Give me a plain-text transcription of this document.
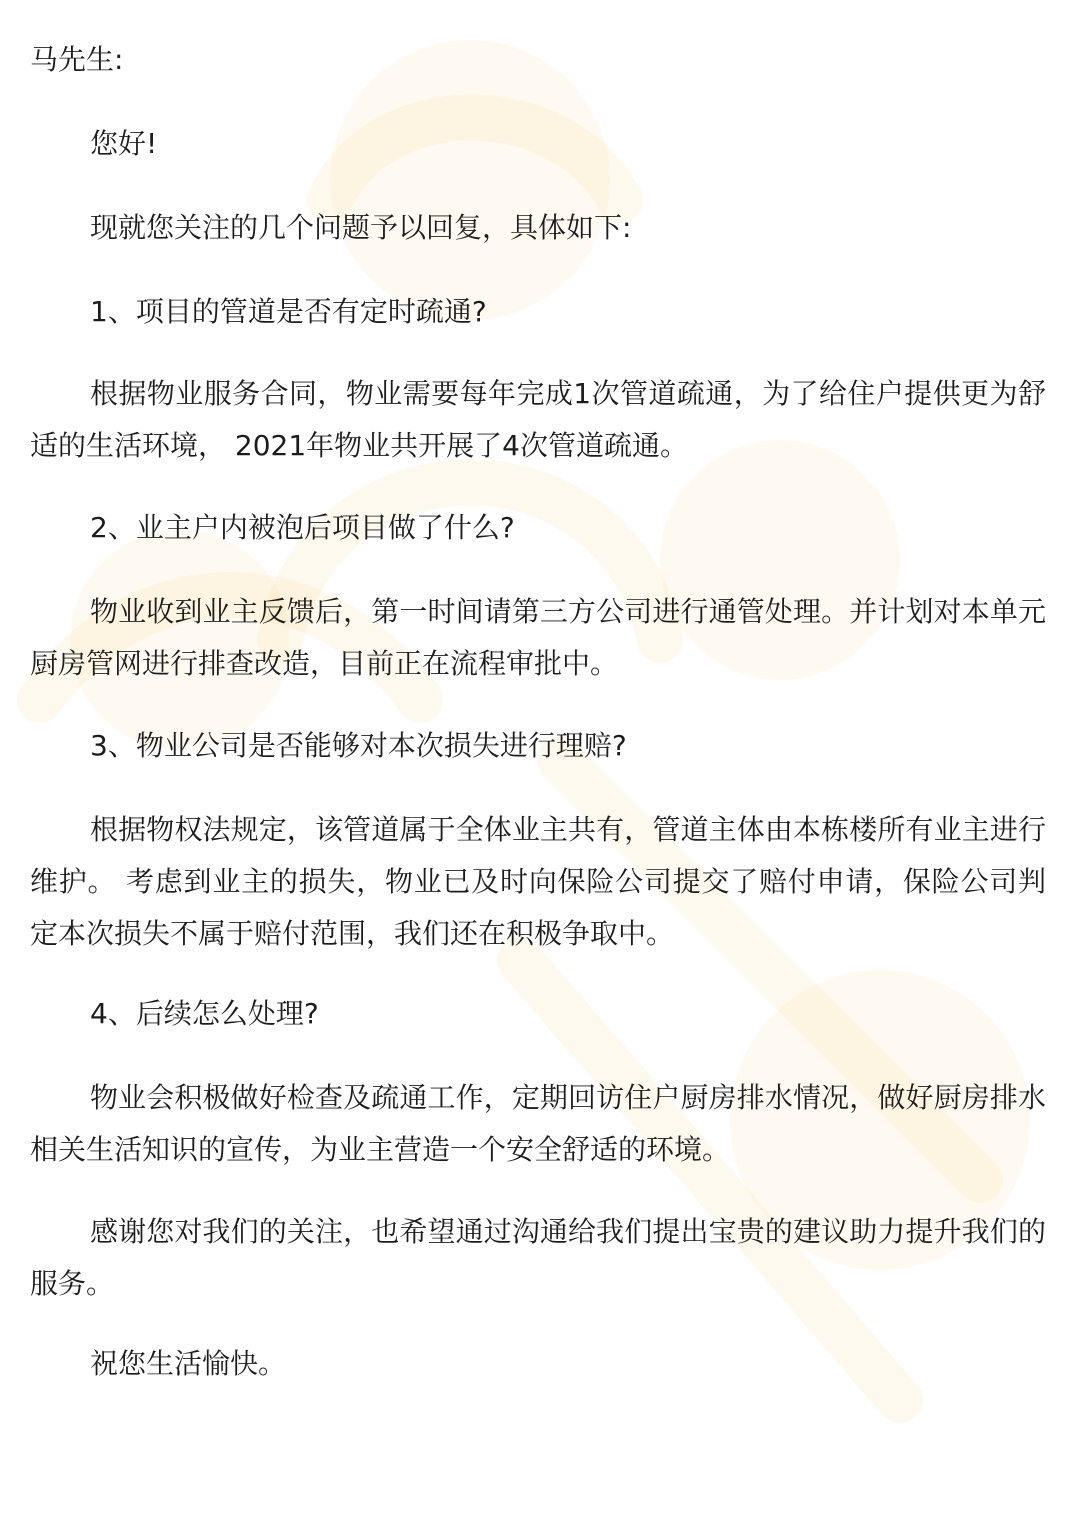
马先生:
您好!
现就您关注的几个问题予以回复，具体如下:
1、项目的管道是否有定时疏通?
根据物业服务合同，物业需要每年完成1次管道疏通，为了给住户提供更为舒适的生活环境， 2021年物业共开展了4次管道疏通。
2、业主户内被泡后项目做了什么?
物业收到业主反馈后，第一时间请第三方公司进行通管处理。并计划对本单元厨房管网进行排查改造，目前正在流程审批中。
3、物业公司是否能够对本次损失进行理赔?
根据物权法规定，该管道属于全体业主共有，管道主体由本栋楼所有业主进行维护。 考虑到业主的损失，物业已及时向保险公司提交了赔付申请，保险公司判定本次损失不属于赔付范围，我们还在积极争取中。
4、后续怎么处理?
物业会积极做好检查及疏通工作，定期回访住户厨房排水情况，做好厨房排水相关生活知识的宣传，为业主营造一个安全舒适的环境。
感谢您对我们的关注，也希望通过沟通给我们提出宝贵的建议助力提升我们的服务。
祝您生活愉快。
